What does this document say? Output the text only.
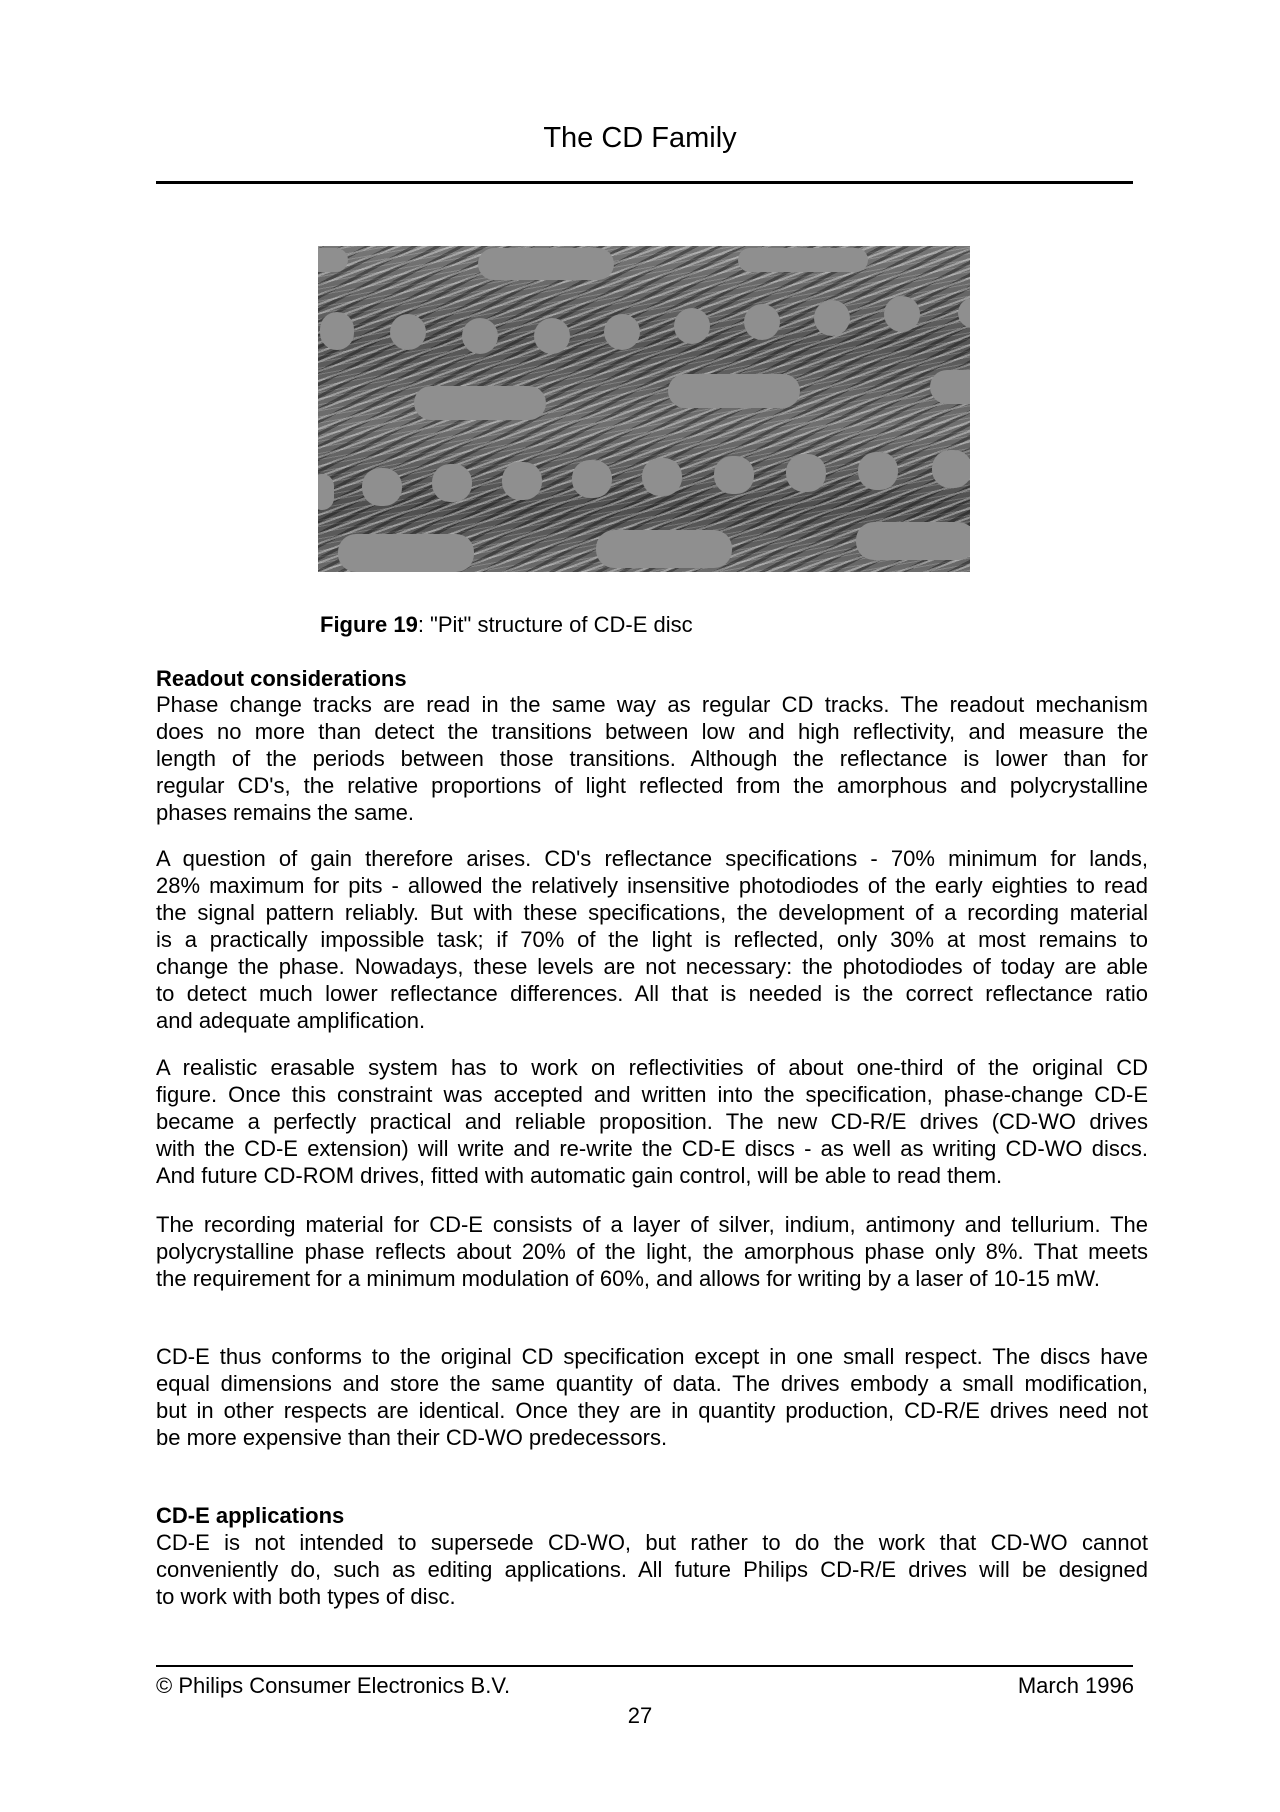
The CD Family
Figure 19: "Pit" structure of CD-E disc
Readout considerations
Phase change tracks are read in the same way as regular CD tracks. The readout mechanism
does no more than detect the transitions between low and high reflectivity, and measure the
length of the periods between those transitions. Although the reflectance is lower than for
regular CD's, the relative proportions of light reflected from the amorphous and polycrystalline
phases remains the same.
A question of gain therefore arises. CD's reflectance specifications - 70% minimum for lands,
28% maximum for pits - allowed the relatively insensitive photodiodes of the early eighties to read
the signal pattern reliably. But with these specifications, the development of a recording material
is a practically impossible task; if 70% of the light is reflected, only 30% at most remains to
change the phase. Nowadays, these levels are not necessary: the photodiodes of today are able
to detect much lower reflectance differences. All that is needed is the correct reflectance ratio
and adequate amplification.
A realistic erasable system has to work on reflectivities of about one-third of the original CD
figure. Once this constraint was accepted and written into the specification, phase-change CD-E
became a perfectly practical and reliable proposition. The new CD-R/E drives (CD-WO drives
with the CD-E extension) will write and re-write the CD-E discs - as well as writing CD-WO discs.
And future CD-ROM drives, fitted with automatic gain control, will be able to read them.
The recording material for CD-E consists of a layer of silver, indium, antimony and tellurium. The
polycrystalline phase reflects about 20% of the light, the amorphous phase only 8%. That meets
the requirement for a minimum modulation of 60%, and allows for writing by a laser of 10-15 mW.
CD-E thus conforms to the original CD specification except in one small respect. The discs have
equal dimensions and store the same quantity of data. The drives embody a small modification,
but in other respects are identical. Once they are in quantity production, CD-R/E drives need not
be more expensive than their CD-WO predecessors.
CD-E applications
CD-E is not intended to supersede CD-WO, but rather to do the work that CD-WO cannot
conveniently do, such as editing applications. All future Philips CD-R/E drives will be designed
to work with both types of disc.
© Philips Consumer Electronics B.V.	March 1996
27
